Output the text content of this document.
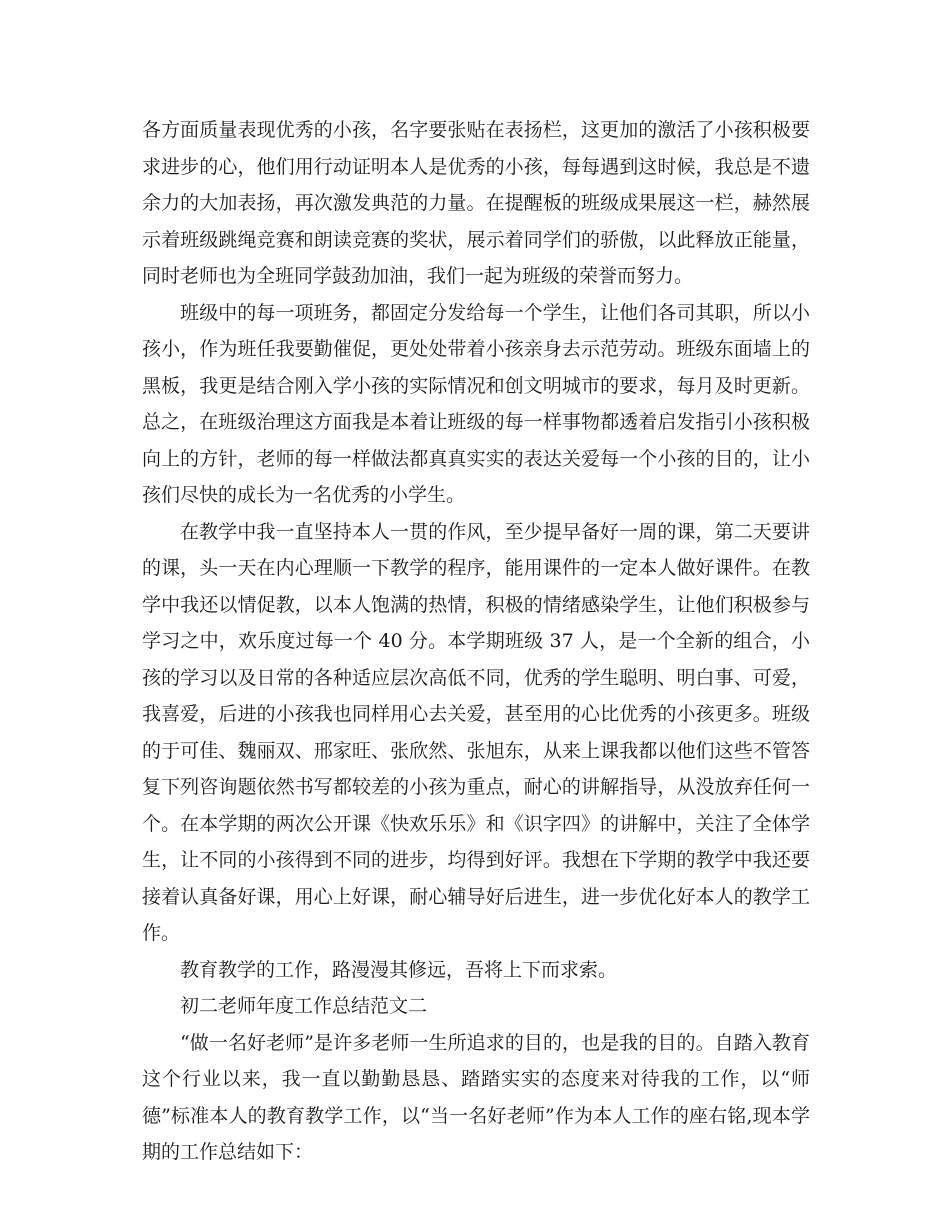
各方面质量表现优秀的小孩，名字要张贴在表扬栏，这更加的激活了小孩积极要求进步的心，他们用行动证明本人是优秀的小孩，每每遇到这时候，我总是不遗余力的大加表扬，再次激发典范的力量。在提醒板的班级成果展这一栏，赫然展示着班级跳绳竞赛和朗读竞赛的奖状，展示着同学们的骄傲，以此释放正能量，同时老师也为全班同学鼓劲加油，我们一起为班级的荣誉而努力。

班级中的每一项班务，都固定分发给每一个学生，让他们各司其职，所以小孩小，作为班任我要勤催促，更处处带着小孩亲身去示范劳动。班级东面墙上的黑板，我更是结合刚入学小孩的实际情况和创文明城市的要求，每月及时更新。总之，在班级治理这方面我是本着让班级的每一样事物都透着启发指引小孩积极向上的方针，老师的每一样做法都真真实实的表达关爱每一个小孩的目的，让小孩们尽快的成长为一名优秀的小学生。

在教学中我一直坚持本人一贯的作风，至少提早备好一周的课，第二天要讲的课，头一天在内心理顺一下教学的程序，能用课件的一定本人做好课件。在教学中我还以情促教，以本人饱满的热情，积极的情绪感染学生，让他们积极参与学习之中，欢乐度过每一个 40 分。本学期班级 37 人，是一个全新的组合，小孩的学习以及日常的各种适应层次高低不同，优秀的学生聪明、明白事、可爱，我喜爱，后进的小孩我也同样用心去关爱，甚至用的心比优秀的小孩更多。班级的于可佳、魏丽双、邢家旺、张欣然、张旭东，从来上课我都以他们这些不管答复下列咨询题依然书写都较差的小孩为重点，耐心的讲解指导，从没放弃任何一个。在本学期的两次公开课《快欢乐乐》和《识字四》的讲解中，关注了全体学生，让不同的小孩得到不同的进步，均得到好评。我想在下学期的教学中我还要接着认真备好课，用心上好课，耐心辅导好后进生，进一步优化好本人的教学工作。

教育教学的工作，路漫漫其修远，吾将上下而求索。

初二老师年度工作总结范文二

“做一名好老师”是许多老师一生所追求的目的，也是我的目的。自踏入教育这个行业以来，我一直以勤勤恳恳、踏踏实实的态度来对待我的工作，以“师德”标准本人的教育教学工作，以“当一名好老师”作为本人工作的座右铭,现本学期的工作总结如下：
